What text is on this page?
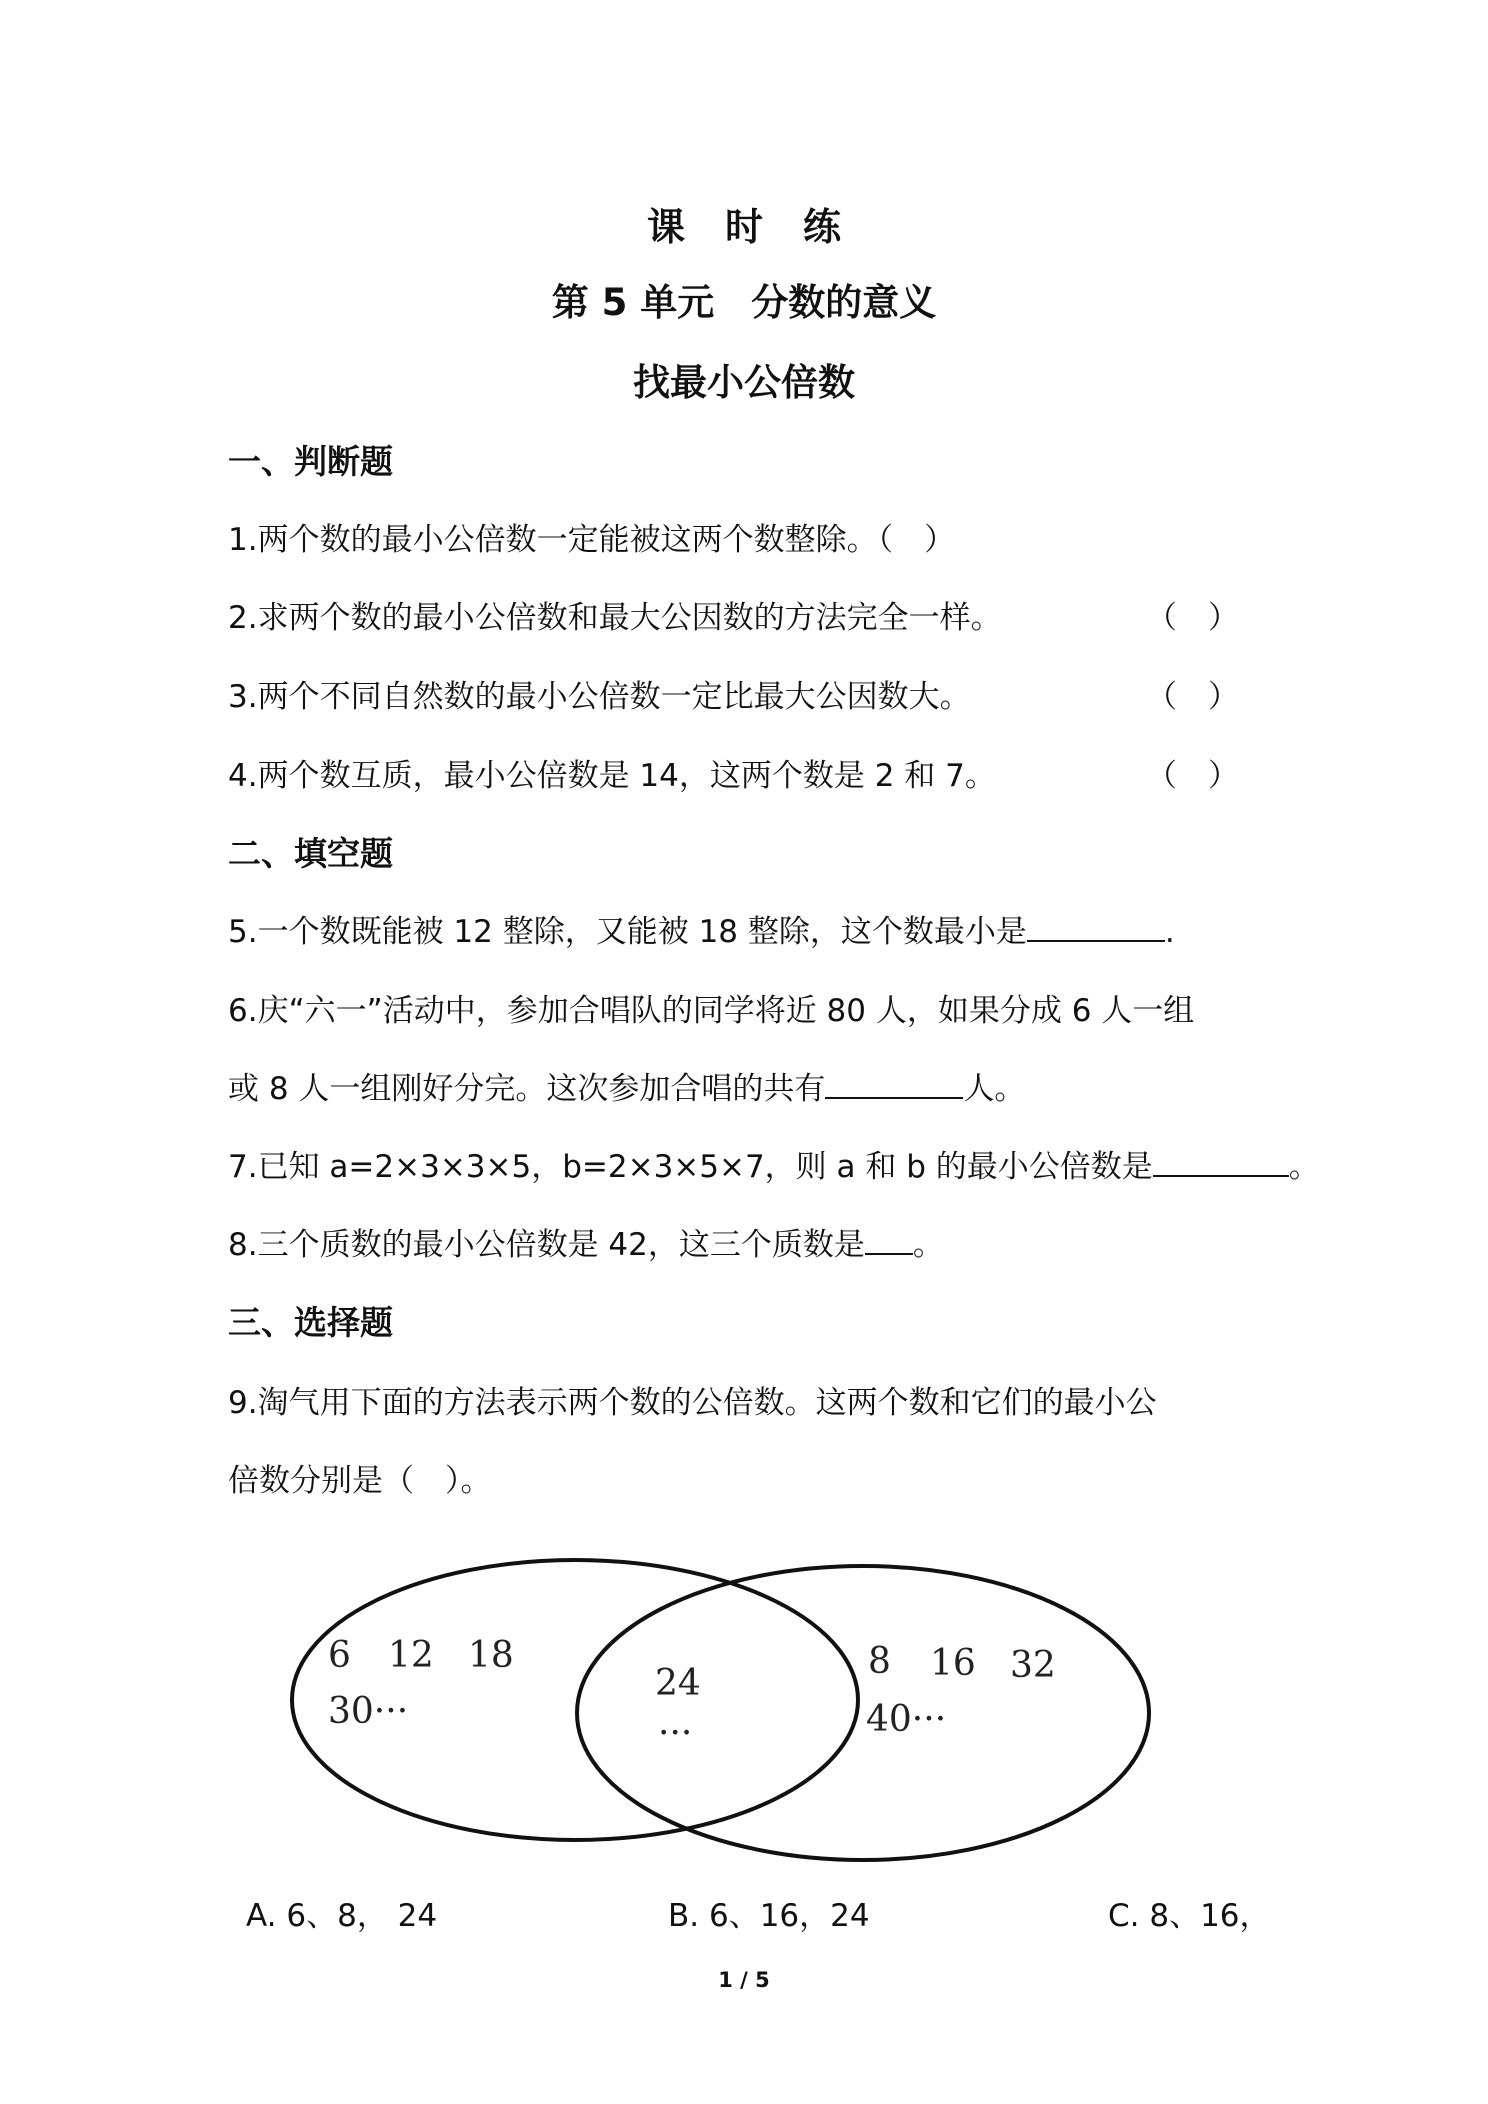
课时练
第 5 单元　分数的意义
找最小公倍数
一、判断题
1.两个数的最小公倍数一定能被这两个数整除。（　）
2.求两个数的最小公倍数和最大公因数的方法完全一样。	（　）
3.两个不同自然数的最小公倍数一定比最大公因数大。	（　）
4.两个数互质，最小公倍数是 14，这两个数是 2 和 7。	（　）
二、填空题
5.一个数既能被 12 整除，又能被 18 整除，这个数最小是	.
6.庆“六一”活动中，参加合唱队的同学将近 80 人，如果分成 6 人一组
或 8 人一组刚好分完。这次参加合唱的共有	人。
7.已知 a=2×3×3×5，b=2×3×5×7，则 a 和 b 的最小公倍数是	。
8.三个质数的最小公倍数是 42，这三个质数是 。
三、选择题
9.淘气用下面的方法表示两个数的公倍数。这两个数和它们的最小公
倍数分别是（　）。
6 12 18
30···
24
···
8 16 32
40···
A. 6、8， 24	B. 6、16，24	C. 8、16，
1 / 5
